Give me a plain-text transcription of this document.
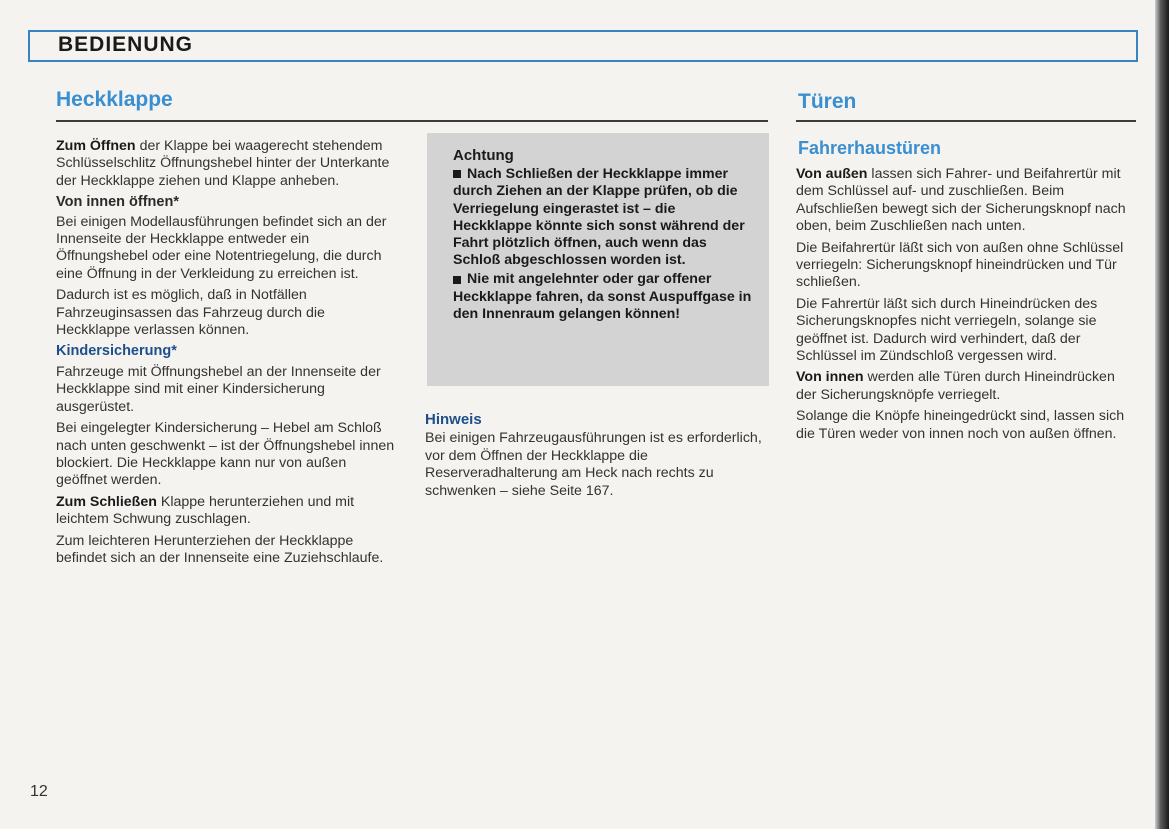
BEDIENUNG
Heckklappe

Zum Öffnen der Klappe bei waagerecht stehendem Schlüsselschlitz Öffnungshebel hinter der Unterkante der Heckklappe ziehen und Klappe anheben.

Von innen öffnen*

Bei einigen Modellausführungen befindet sich an der Innenseite der Heckklappe entweder ein Öffnungshebel oder eine Notentriegelung, die durch eine Öffnung in der Verkleidung zu erreichen ist.

Dadurch ist es möglich, daß in Notfällen Fahrzeuginsassen das Fahrzeug durch die Heckklappe verlassen können.

Kindersicherung*

Fahrzeuge mit Öffnungshebel an der Innenseite der Heckklappe sind mit einer Kindersicherung ausgerüstet.

Bei eingelegter Kindersicherung – Hebel am Schloß nach unten geschwenkt – ist der Öffnungshebel innen blockiert. Die Heckklappe kann nur von außen geöffnet werden.

Zum Schließen Klappe herunterziehen und mit leichtem Schwung zuschlagen.

Zum leichteren Herunterziehen der Heckklappe befindet sich an der Innenseite eine Zuziehschlaufe.

Achtung
Nach Schließen der Heckklappe immer durch Ziehen an der Klappe prüfen, ob die Verriegelung eingerastet ist – die Heckklappe könnte sich sonst während der Fahrt plötzlich öffnen, auch wenn das Schloß abgeschlossen worden ist.
Nie mit angelehnter oder gar offener Heckklappe fahren, da sonst Auspuffgase in den Innenraum gelangen können!
Hinweis

Bei einigen Fahrzeugausführungen ist es erforderlich, vor dem Öffnen der Heckklappe die Reserveradhalterung am Heck nach rechts zu schwenken – siehe Seite 167.

Türen
Fahrerhaustüren

Von außen lassen sich Fahrer- und Beifahrertür mit dem Schlüssel auf- und zuschließen. Beim Aufschließen bewegt sich der Sicherungsknopf nach oben, beim Zuschließen nach unten.

Die Beifahrertür läßt sich von außen ohne Schlüssel verriegeln: Sicherungsknopf hineindrücken und Tür schließen.

Die Fahrertür läßt sich durch Hineindrücken des Sicherungsknopfes nicht verriegeln, solange sie geöffnet ist. Dadurch wird verhindert, daß der Schlüssel im Zündschloß vergessen wird.

Von innen werden alle Türen durch Hineindrücken der Sicherungsknöpfe verriegelt.

Solange die Knöpfe hineingedrückt sind, lassen sich die Türen weder von innen noch von außen öffnen.

12
